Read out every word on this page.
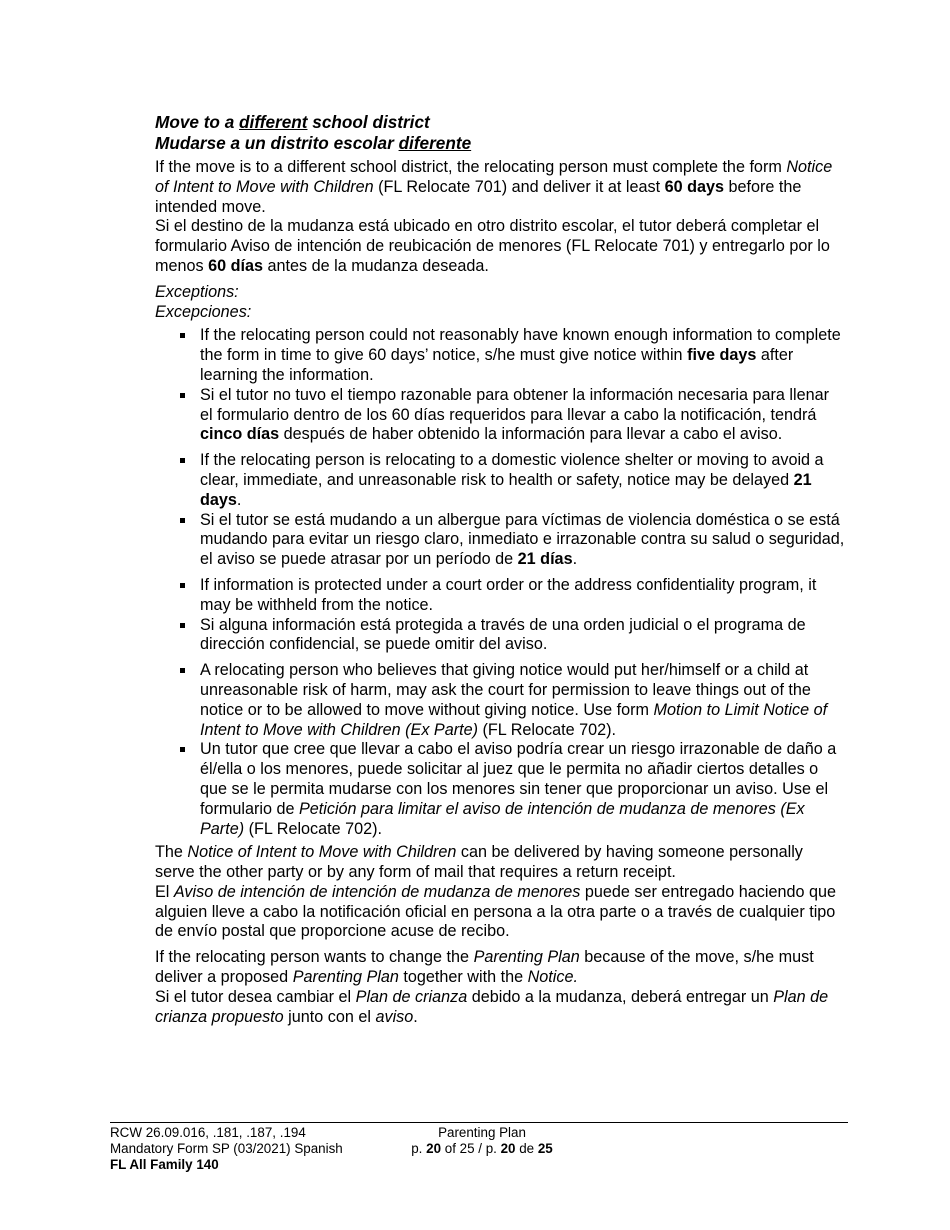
Move to a different school district
Mudarse a un distrito escolar diferente

If the move is to a different school district, the relocating person must complete the form Notice of Intent to Move with Children (FL Relocate 701) and deliver it at least 60 days before the intended move.

Si el destino de la mudanza está ubicado en otro distrito escolar, el tutor deberá completar el formulario Aviso de intención de reubicación de menores (FL Relocate 701) y entregarlo por lo menos 60 días antes de la mudanza deseada.

Exceptions:

Excepciones:

If the relocating person could not reasonably have known enough information to complete the form in time to give 60 days’ notice, s/he must give notice within five days after learning the information.
Si el tutor no tuvo el tiempo razonable para obtener la información necesaria para llenar el formulario dentro de los 60 días requeridos para llevar a cabo la notificación, tendrá cinco días después de haber obtenido la información para llevar a cabo el aviso.
If the relocating person is relocating to a domestic violence shelter or moving to avoid a clear, immediate, and unreasonable risk to health or safety, notice may be delayed 21 days.
Si el tutor se está mudando a un albergue para víctimas de violencia doméstica o se está mudando para evitar un riesgo claro, inmediato e irrazonable contra su salud o seguridad, el aviso se puede atrasar por un período de 21 días.
If information is protected under a court order or the address confidentiality program, it may be withheld from the notice.
Si alguna información está protegida a través de una orden judicial o el programa de dirección confidencial, se puede omitir del aviso.
A relocating person who believes that giving notice would put her/himself or a child at unreasonable risk of harm, may ask the court for permission to leave things out of the notice or to be allowed to move without giving notice. Use form Motion to Limit Notice of Intent to Move with Children (Ex Parte) (FL Relocate 702).
Un tutor que cree que llevar a cabo el aviso podría crear un riesgo irrazonable de daño a él/ella o los menores, puede solicitar al juez que le permita no añadir ciertos detalles o que se le permita mudarse con los menores sin tener que proporcionar un aviso. Use el formulario de Petición para limitar el aviso de intención de mudanza de menores (Ex Parte) (FL Relocate 702).

The Notice of Intent to Move with Children can be delivered by having someone personally serve the other party or by any form of mail that requires a return receipt.

El Aviso de intención de intención de mudanza de menores puede ser entregado haciendo que alguien lleve a cabo la notificación oficial en persona a la otra parte o a través de cualquier tipo de envío postal que proporcione acuse de recibo.

If the relocating person wants to change the Parenting Plan because of the move, s/he must deliver a proposed Parenting Plan together with the Notice.

Si el tutor desea cambiar el Plan de crianza debido a la mudanza, deberá entregar un Plan de crianza propuesto junto con el aviso.

RCW 26.09.016, .181, .187, .194
Mandatory Form SP (03/2021) Spanish
FL All Family 140
Parenting Plan
p. 20 of 25 / p. 20 de 25
